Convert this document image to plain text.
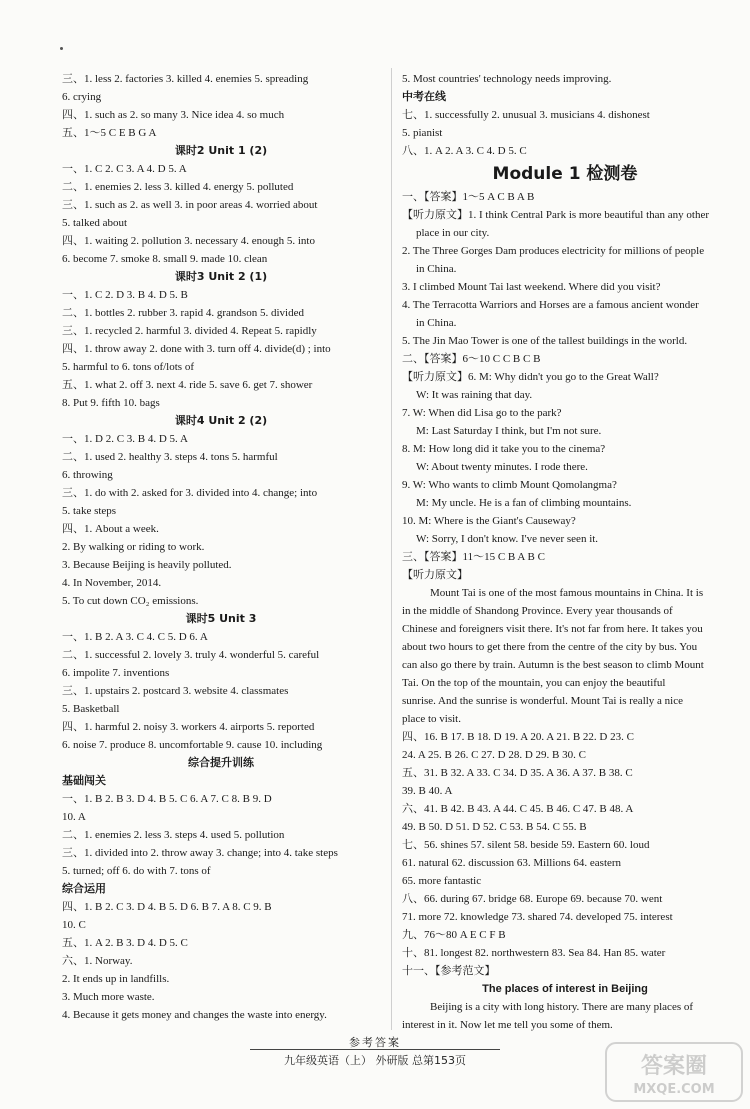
三、1. less 2. factories 3. killed 4. enemies 5. spreading
6. crying
四、1. such as 2. so many 3. Nice idea 4. so much
五、1～5 C E B G A
课时2 Unit 1 (2)
一、1. C 2. C 3. A 4. D 5. A
二、1. enemies 2. less 3. killed 4. energy 5. polluted
三、1. such as 2. as well 3. in poor areas 4. worried about
5. talked about
四、1. waiting 2. pollution 3. necessary 4. enough 5. into
6. become 7. smoke 8. small 9. made 10. clean
课时3 Unit 2 (1)
一、1. C 2. D 3. B 4. D 5. B
二、1. bottles 2. rubber 3. rapid 4. grandson 5. divided
三、1. recycled 2. harmful 3. divided 4. Repeat 5. rapidly
四、1. throw away 2. done with 3. turn off 4. divide(d) ; into
5. harmful to 6. tons of/lots of
五、1. what 2. off 3. next 4. ride 5. save 6. get 7. shower
8. Put 9. fifth 10. bags
课时4 Unit 2 (2)
一、1. D 2. C 3. B 4. D 5. A
二、1. used 2. healthy 3. steps 4. tons 5. harmful
6. throwing
三、1. do with 2. asked for 3. divided into 4. change; into
5. take steps
四、1. About a week.
2. By walking or riding to work.
3. Because Beijing is heavily polluted.
4. In November, 2014.
5. To cut down CO₂ emissions.
课时5 Unit 3
一、1. B 2. A 3. C 4. C 5. D 6. A
二、1. successful 2. lovely 3. truly 4. wonderful 5. careful
6. impolite 7. inventions
三、1. upstairs 2. postcard 3. website 4. classmates
5. Basketball
四、1. harmful 2. noisy 3. workers 4. airports 5. reported
6. noise 7. produce 8. uncomfortable 9. cause 10. including
综合提升训练
基础闯关
一、1. B 2. B 3. D 4. B 5. C 6. A 7. C 8. B 9. D
10. A
二、1. enemies 2. less 3. steps 4. used 5. pollution
三、1. divided into 2. throw away 3. change; into 4. take steps
5. turned; off 6. do with 7. tons of
综合运用
四、1. B 2. C 3. D 4. B 5. D 6. B 7. A 8. C 9. B
10. C
五、1. A 2. B 3. D 4. D 5. C
六、1. Norway.
2. It ends up in landfills.
3. Much more waste.
4. Because it gets money and changes the waste into energy.
5. Most countries' technology needs improving.
中考在线
七、1. successfully 2. unusual 3. musicians 4. dishonest
5. pianist
八、1. A 2. A 3. C 4. D 5. C
Module 1 检测卷
一、【答案】1～5 A C B A B
【听力原文】1. I think Central Park is more beautiful than any other
place in our city.
2. The Three Gorges Dam produces electricity for millions of people
in China.
3. I climbed Mount Tai last weekend. Where did you visit?
4. The Terracotta Warriors and Horses are a famous ancient wonder
in China.
5. The Jin Mao Tower is one of the tallest buildings in the world.
二、【答案】6～10 C C B C B
【听力原文】6. M: Why didn't you go to the Great Wall?
W: It was raining that day.
7. W: When did Lisa go to the park?
M: Last Saturday I think, but I'm not sure.
8. M: How long did it take you to the cinema?
W: About twenty minutes. I rode there.
9. W: Who wants to climb Mount Qomolangma?
M: My uncle. He is a fan of climbing mountains.
10. M: Where is the Giant's Causeway?
W: Sorry, I don't know. I've never seen it.
三、【答案】11～15 C B A B C
【听力原文】
Mount Tai is one of the most famous mountains in China. It is
in the middle of Shandong Province. Every year thousands of
Chinese and foreigners visit there. It's not far from here. It takes you
about two hours to get there from the centre of the city by bus. You
can also go there by train. Autumn is the best season to climb Mount
Tai. On the top of the mountain, you can enjoy the beautiful
sunrise. And the sunrise is wonderful. Mount Tai is really a nice
place to visit.
四、16. B 17. B 18. D 19. A 20. A 21. B 22. D 23. C
24. A 25. B 26. C 27. D 28. D 29. B 30. C
五、31. B 32. A 33. C 34. D 35. A 36. A 37. B 38. C
39. B 40. A
六、41. B 42. B 43. A 44. C 45. B 46. C 47. B 48. A
49. B 50. D 51. D 52. C 53. B 54. C 55. B
七、56. shines 57. silent 58. beside 59. Eastern 60. loud
61. natural 62. discussion 63. Millions 64. eastern
65. more fantastic
八、66. during 67. bridge 68. Europe 69. because 70. went
71. more 72. knowledge 73. shared 74. developed 75. interest
九、76～80 A E C F B
十、81. longest 82. northwestern 83. Sea 84. Han 85. water
十一、【参考范文】
The places of interest in Beijing
Beijing is a city with long history. There are many places of
interest in it. Now let me tell you some of them.
参考答案
九年级英语（上） 外研版 总第153页	答案圈
MXQE.COM
